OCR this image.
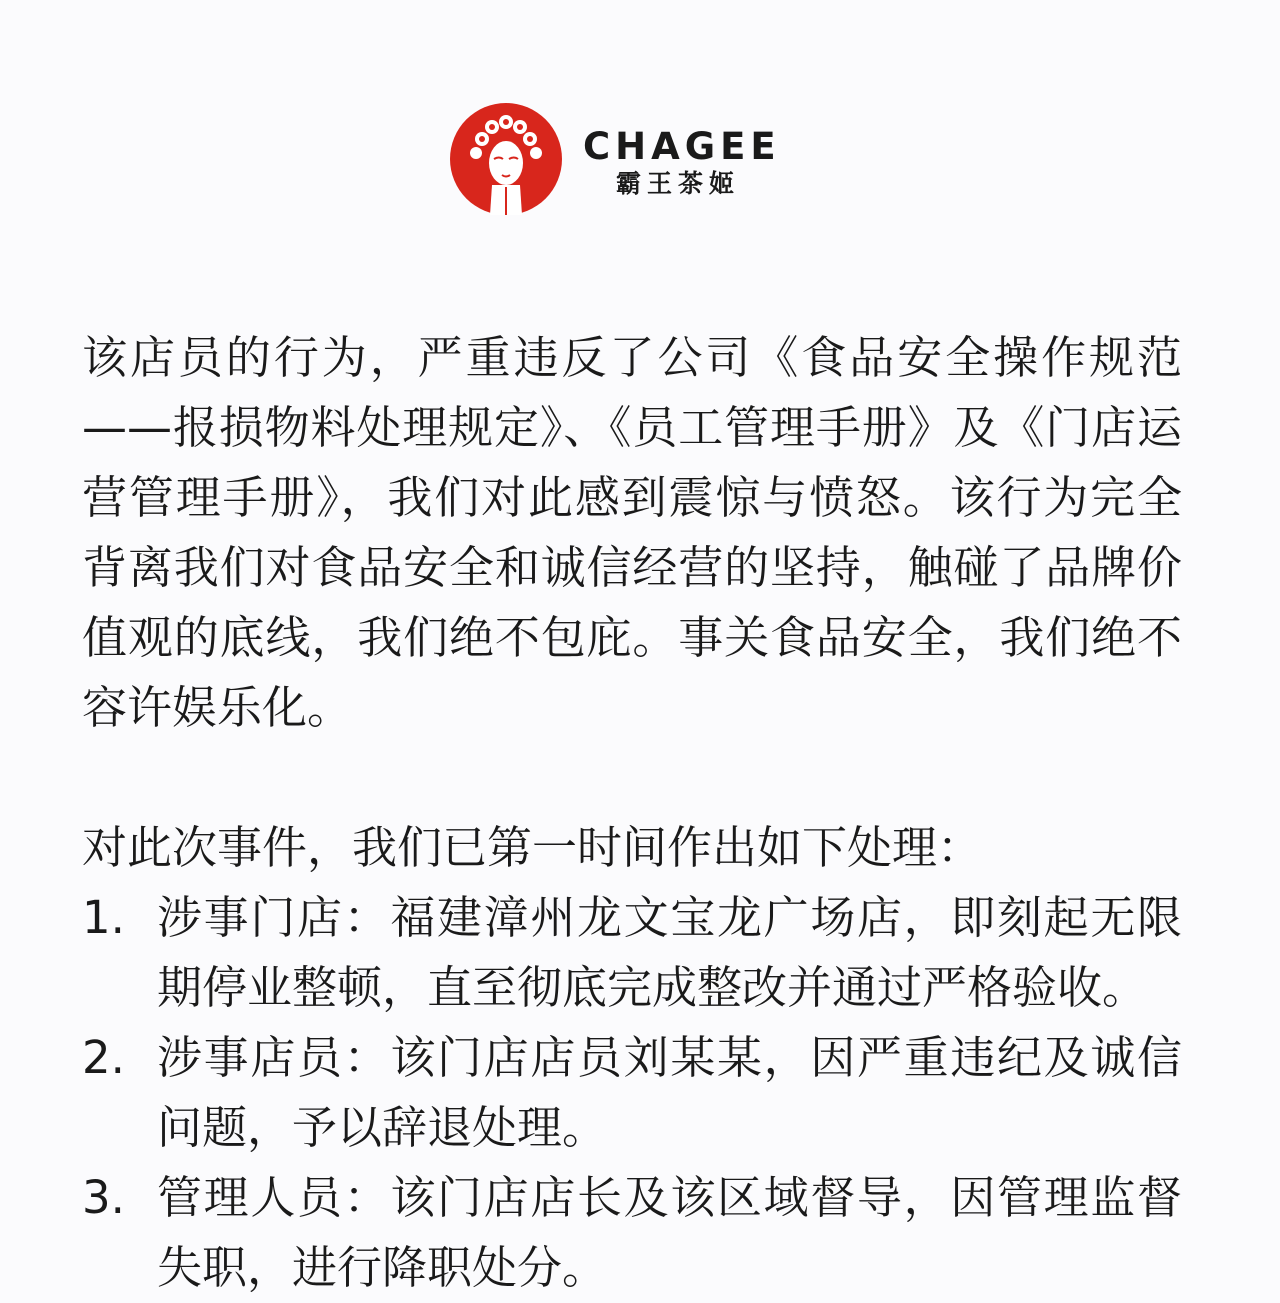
CHAGEE
霸王茶姬

该店员的行为，严重违反了公司《食品安全操作规范——报损物料处理规定》、《员工管理手册》及《门店运营管理手册》，我们对此感到震惊与愤怒。该行为完全背离我们对食品安全和诚信经营的坚持，触碰了品牌价值观的底线，我们绝不包庇。事关食品安全，我们绝不容许娱乐化。

对此次事件，我们已第一时间作出如下处理：

1. 涉事门店：福建漳州龙文宝龙广场店，即刻起无限期停业整顿，直至彻底完成整改并通过严格验收。
2. 涉事店员：该门店店员刘某某，因严重违纪及诚信问题，予以辞退处理。
3. 管理人员：该门店店长及该区域督导，因管理监督失职，进行降职处分。
